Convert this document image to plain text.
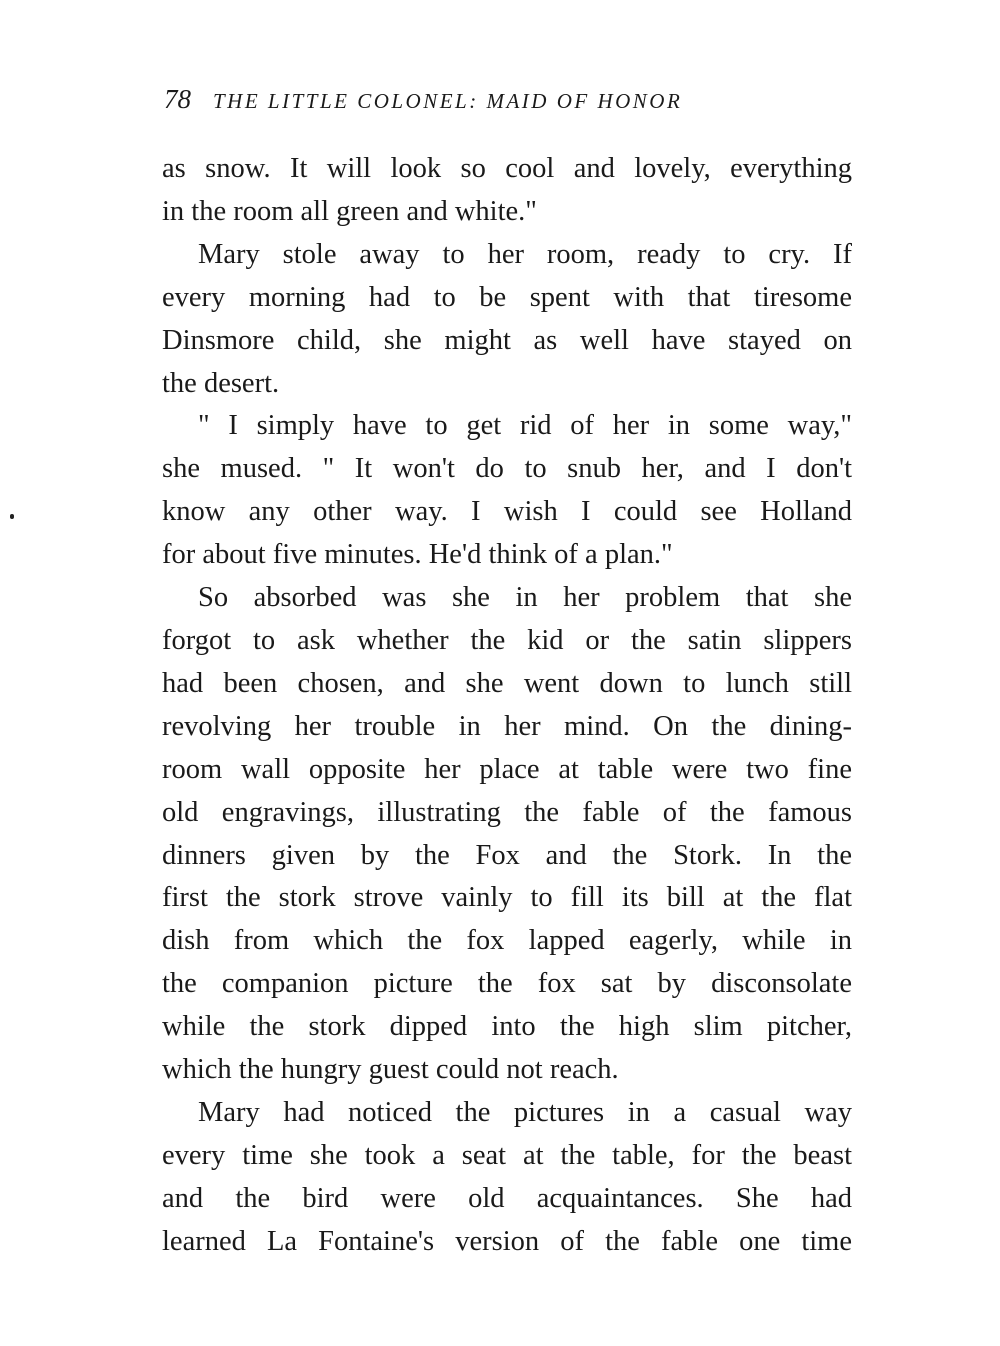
78 THE LITTLE COLONEL: MAID OF HONOR

as snow. It will look so cool and lovely, everything

in the room all green and white."

Mary stole away to her room, ready to cry. If

every morning had to be spent with that tiresome

Dinsmore child, she might as well have stayed on

the desert.

" I simply have to get rid of her in some way,"

she mused. " It won't do to snub her, and I don't

know any other way. I wish I could see Holland

for about five minutes. He'd think of a plan."

So absorbed was she in her problem that she

forgot to ask whether the kid or the satin slippers

had been chosen, and she went down to lunch still

revolving her trouble in her mind. On the dining-

room wall opposite her place at table were two fine

old engravings, illustrating the fable of the famous

dinners given by the Fox and the Stork. In the

first the stork strove vainly to fill its bill at the flat

dish from which the fox lapped eagerly, while in

the companion picture the fox sat by disconsolate

while the stork dipped into the high slim pitcher,

which the hungry guest could not reach.

Mary had noticed the pictures in a casual way

every time she took a seat at the table, for the beast

and the bird were old acquaintances. She had

learned La Fontaine's version of the fable one time
